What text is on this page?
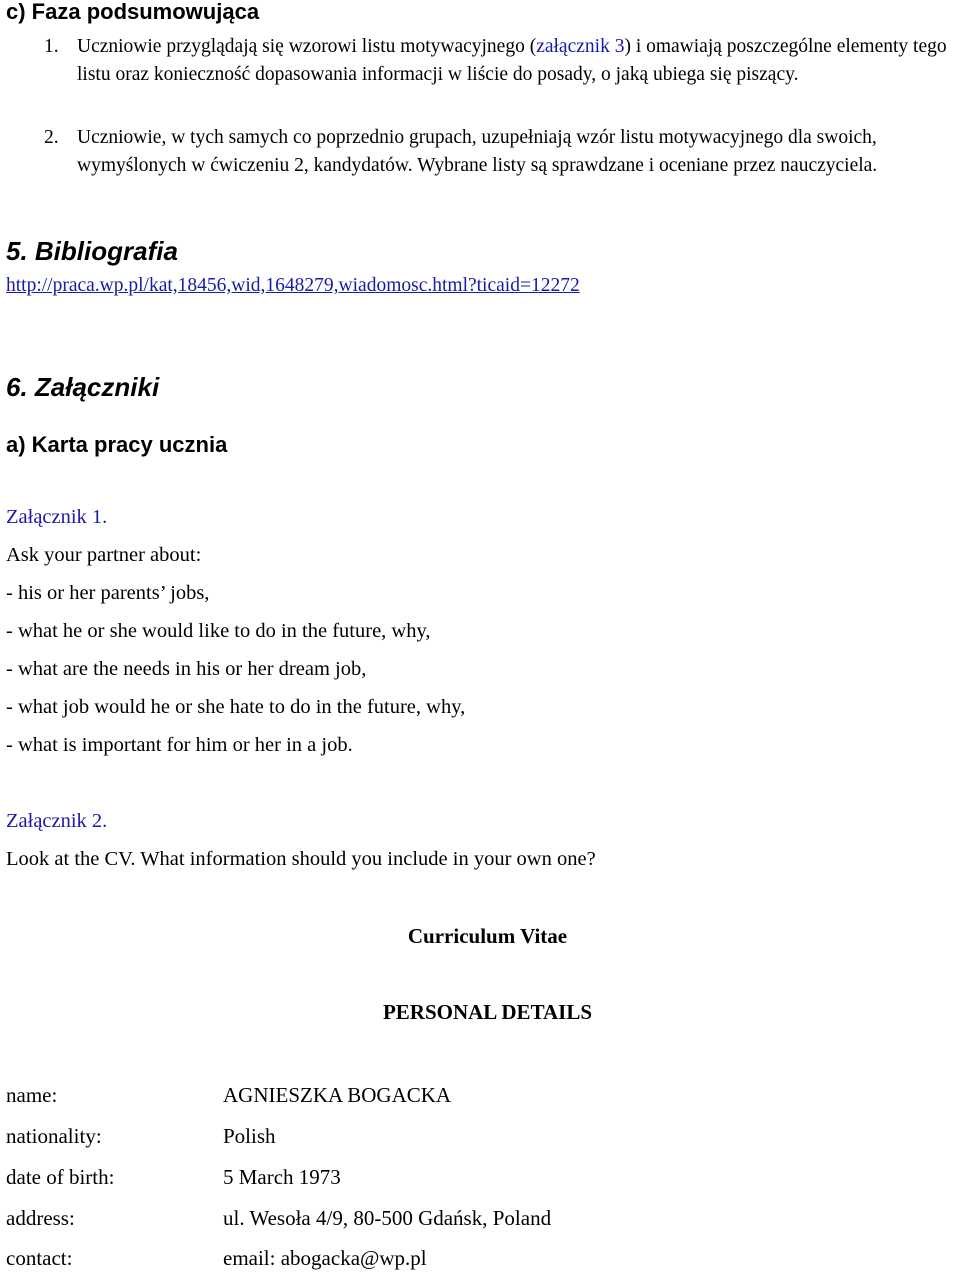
c) Faza podsumowująca
1. Uczniowie przyglądają się wzorowi listu motywacyjnego (załącznik 3) i omawiają poszczególne elementy tego listu oraz konieczność dopasowania informacji w liście do posady, o jaką ubiega się piszący.
2. Uczniowie, w tych samych co poprzednio grupach, uzupełniają wzór listu motywacyjnego dla swoich, wymyślonych w ćwiczeniu 2, kandydatów. Wybrane listy są sprawdzane i oceniane przez nauczyciela.
5. Bibliografia
http://praca.wp.pl/kat,18456,wid,1648279,wiadomosc.html?ticaid=12272
6. Załączniki
a) Karta pracy ucznia
Załącznik 1.
Ask your partner about:
- his or her parents’ jobs,
- what he or she would like to do in the future, why,
- what are the needs in his or her dream job,
- what job would he or she hate to do in the future, why,
- what is important for him or her in a job.
Załącznik 2.
Look at the CV. What information should you include in your own one?
Curriculum Vitae
PERSONAL DETAILS
name:	AGNIESZKA BOGACKA
nationality:	Polish
date of birth:	5 March 1973
address:	ul. Wesoła 4/9, 80-500 Gdańsk, Poland
contact:	email: abogacka@wp.pl
